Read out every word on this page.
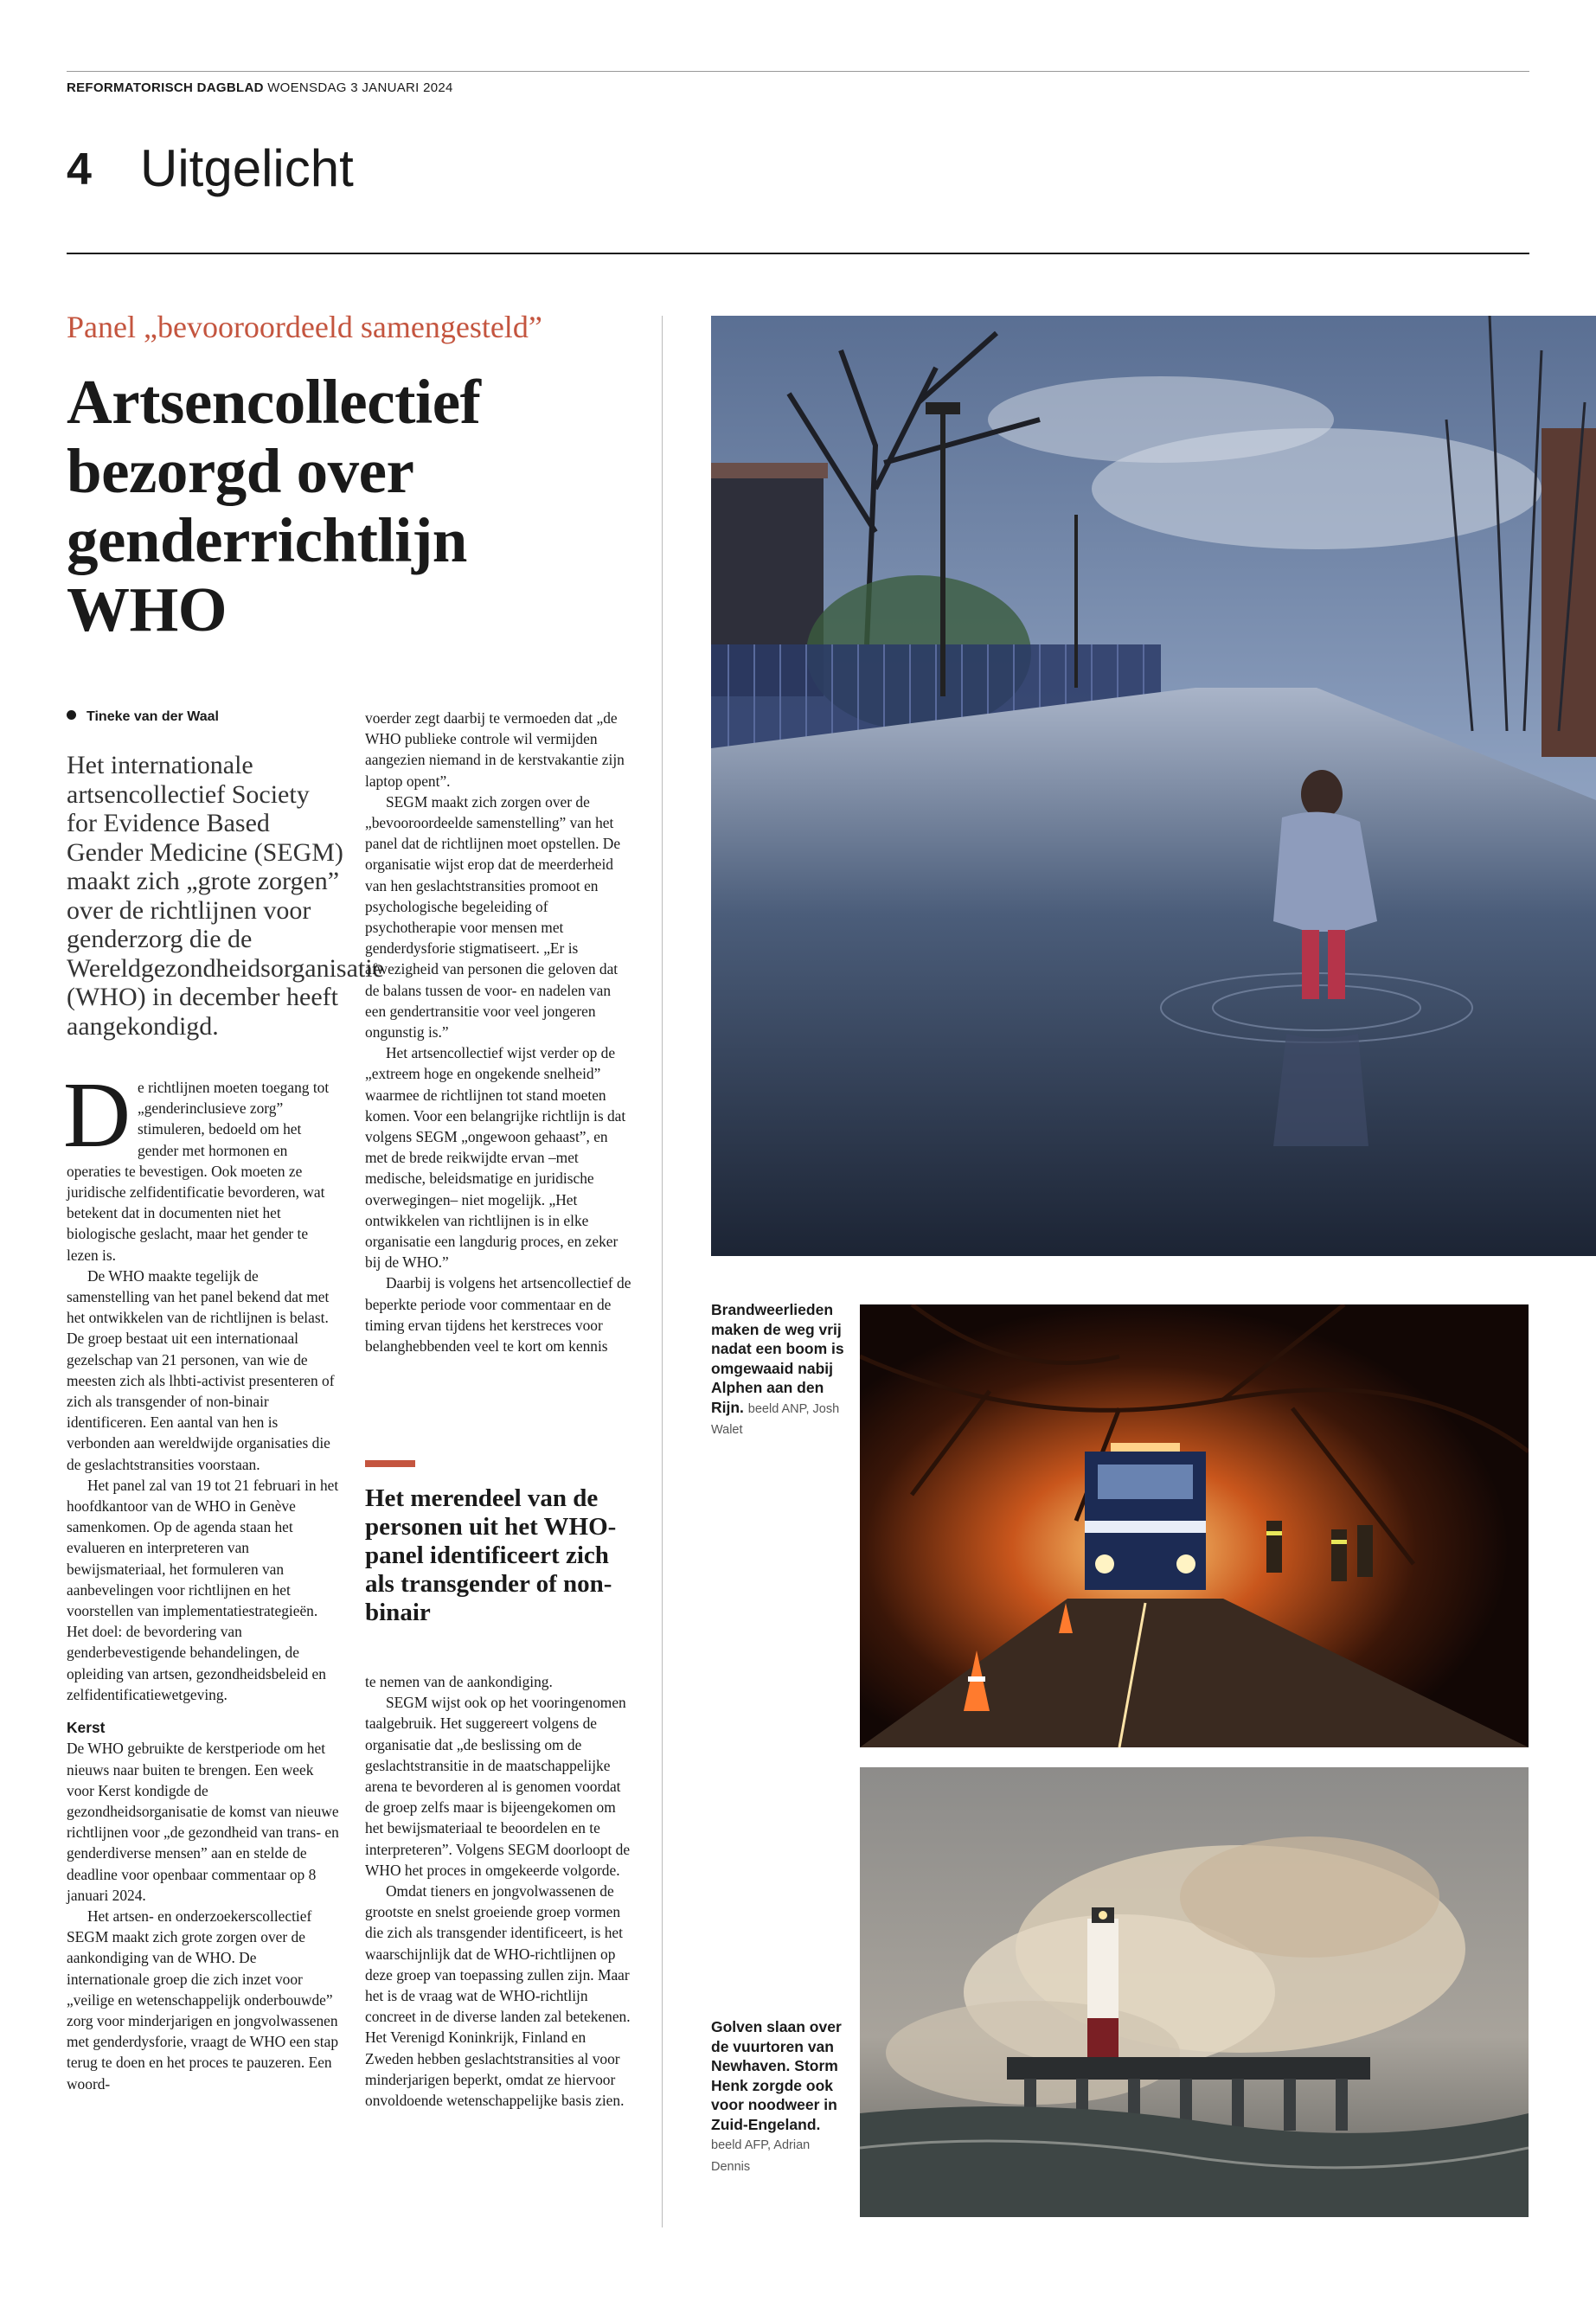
REFORMATORISCH DAGBLAD WOENSDAG 3 JANUARI 2024
4 Uitgelicht
Panel „bevooroordeeld samengesteld”
Artsencollectief bezorgd over genderrichtlijn WHO
Tineke van der Waal
Het internationale artsencollectief Society for Evidence Based Gender Medicine (SEGM) maakt zich „grote zorgen” over de richtlijnen voor genderzorg die de Wereldgezondheidsorganisatie (WHO) in december heeft aangekondigd.

De richtlijnen moeten toegang tot „genderinclusieve zorg” stimuleren, bedoeld om het gender met hormonen en operaties te bevestigen. Ook moeten ze juridische zelfidentificatie bevorderen, wat betekent dat in documenten niet het biologische geslacht, maar het gender te lezen is.

De WHO maakte tegelijk de samenstelling van het panel bekend dat met het ontwikkelen van de richtlijnen is belast. De groep bestaat uit een internationaal gezelschap van 21 personen, van wie de meesten zich als lhbti-activist presenteren of zich als transgender of non-binair identificeren. Een aantal van hen is verbonden aan wereldwijde organisaties die de geslachtstransities voorstaan.

Het panel zal van 19 tot 21 februari in het hoofdkantoor van de WHO in Genève samenkomen. Op de agenda staan het evalueren en interpreteren van bewijsmateriaal, het formuleren van aanbevelingen voor richtlijnen en het voorstellen van implementatiestrategieën. Het doel: de bevordering van genderbevestigende behandelingen, de opleiding van artsen, gezondheidsbeleid en zelfidentificatiewetgeving.

Kerst

De WHO gebruikte de kerstperiode om het nieuws naar buiten te brengen. Een week voor Kerst kondigde de gezondheidsorganisatie de komst van nieuwe richtlijnen voor „de gezondheid van trans- en genderdiverse mensen” aan en stelde de deadline voor openbaar commentaar op 8 januari 2024.

Het artsen- en onderzoekerscollectief SEGM maakt zich grote zorgen over de aankondiging van de WHO. De internationale groep die zich inzet voor „veilige en wetenschappelijk onderbouwde” zorg voor minderjarigen en jongvolwassenen met genderdysforie, vraagt de WHO een stap terug te doen en het proces te pauzeren. Een woord-

voerder zegt daarbij te vermoeden dat „de WHO publieke controle wil vermijden aangezien niemand in de kerstvakantie zijn laptop opent”.

SEGM maakt zich zorgen over de „bevooroordeelde samenstelling” van het panel dat de richtlijnen moet opstellen. De organisatie wijst erop dat de meerderheid van hen geslachtstransities promoot en psychologische begeleiding of psychotherapie voor mensen met genderdysforie stigmatiseert. „Er is afwezigheid van personen die geloven dat de balans tussen de voor- en nadelen van een gendertransitie voor veel jongeren ongunstig is.”

Het artsencollectief wijst verder op de „extreem hoge en ongekende snelheid” waarmee de richtlijnen tot stand moeten komen. Voor een belangrijke richtlijn is dat volgens SEGM „ongewoon gehaast”, en met de brede reikwijdte ervan –met medische, beleidsmatige en juridische overwegingen– niet mogelijk. „Het ontwikkelen van richtlijnen is in elke organisatie een langdurig proces, en zeker bij de WHO.”

Daarbij is volgens het artsencollectief de beperkte periode voor commentaar en de timing ervan tijdens het kerstreces voor belanghebbenden veel te kort om kennis

Het merendeel van de personen uit het WHO-panel identificeert zich als transgender of non-binair

te nemen van de aankondiging.

SEGM wijst ook op het vooringenomen taalgebruik. Het suggereert volgens de organisatie dat „de beslissing om de geslachtstransitie in de maatschappelijke arena te bevorderen al is genomen voordat de groep zelfs maar is bijeengekomen om het bewijsmateriaal te beoordelen en te interpreteren”. Volgens SEGM doorloopt de WHO het proces in omgekeerde volgorde.

Omdat tieners en jongvolwassenen de grootste en snelst groeiende groep vormen die zich als transgender identificeert, is het waarschijnlijk dat de WHO-richtlijnen op deze groep van toepassing zullen zijn. Maar het is de vraag wat de WHO-richtlijn concreet in de diverse landen zal betekenen. Het Verenigd Koninkrijk, Finland en Zweden hebben geslachtstransities al voor minderjarigen beperkt, omdat ze hiervoor onvoldoende wetenschappelijke basis zien.

Brandweerlieden maken de weg vrij nadat een boom is omgewaaid nabij Alphen aan den Rijn. beeld ANP, Josh Walet
Golven slaan over de vuurtoren van Newhaven. Storm Henk zorgde ook voor noodweer in Zuid-Engeland. beeld AFP, Adrian Dennis
